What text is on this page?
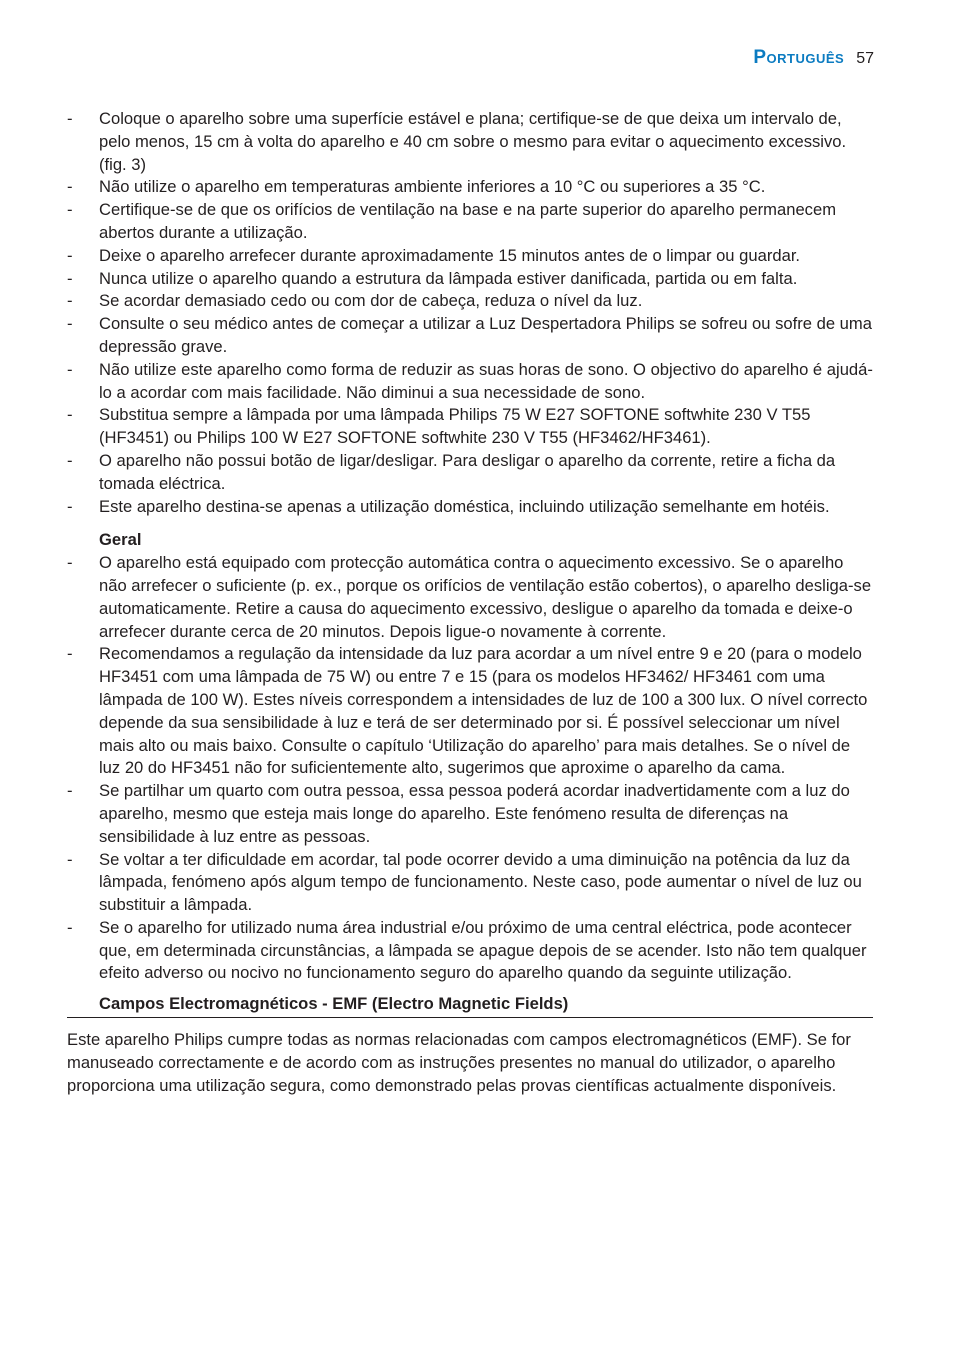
Português 57
- Coloque o aparelho sobre uma superfície estável e plana; certifique-se de que deixa um intervalo de, pelo menos, 15 cm à volta do aparelho e 40 cm sobre o mesmo para evitar o aquecimento excessivo. (fig. 3)
- Não utilize o aparelho em temperaturas ambiente inferiores a 10 °C ou superiores a 35 °C.
- Certifique-se de que os orifícios de ventilação na base e na parte superior do aparelho permanecem abertos durante a utilização.
- Deixe o aparelho arrefecer durante aproximadamente 15 minutos antes de o limpar ou guardar.
- Nunca utilize o aparelho quando a estrutura da lâmpada estiver danificada, partida ou em falta.
- Se acordar demasiado cedo ou com dor de cabeça, reduza o nível da luz.
- Consulte o seu médico antes de começar a utilizar a Luz Despertadora Philips se sofreu ou sofre de uma depressão grave.
- Não utilize este aparelho como forma de reduzir as suas horas de sono. O objectivo do aparelho é ajudá-lo a acordar com mais facilidade. Não diminui a sua necessidade de sono.
- Substitua sempre a lâmpada por uma lâmpada Philips 75 W E27 SOFTONE softwhite 230 V T55 (HF3451) ou Philips 100 W E27 SOFTONE softwhite 230 V T55 (HF3462/HF3461).
- O aparelho não possui botão de ligar/desligar. Para desligar o aparelho da corrente, retire a ficha da tomada eléctrica.
- Este aparelho destina-se apenas a utilização doméstica, incluindo utilização semelhante em hotéis.
Geral
- O aparelho está equipado com protecção automática contra o aquecimento excessivo. Se o aparelho não arrefecer o suficiente (p. ex., porque os orifícios de ventilação estão cobertos), o aparelho desliga-se automaticamente. Retire a causa do aquecimento excessivo, desligue o aparelho da tomada e deixe-o arrefecer durante cerca de 20 minutos. Depois ligue-o novamente à corrente.
- Recomendamos a regulação da intensidade da luz para acordar a um nível entre 9 e 20 (para o modelo HF3451 com uma lâmpada de 75 W) ou entre 7 e 15 (para os modelos HF3462/ HF3461 com uma lâmpada de 100 W). Estes níveis correspondem a intensidades de luz de 100 a 300 lux. O nível correcto depende da sua sensibilidade à luz e terá de ser determinado por si. É possível seleccionar um nível mais alto ou mais baixo. Consulte o capítulo ‘Utilização do aparelho’ para mais detalhes. Se o nível de luz 20 do HF3451 não for suficientemente alto, sugerimos que aproxime o aparelho da cama.
- Se partilhar um quarto com outra pessoa, essa pessoa poderá acordar inadvertidamente com a luz do aparelho, mesmo que esteja mais longe do aparelho. Este fenómeno resulta de diferenças na sensibilidade à luz entre as pessoas.
- Se voltar a ter dificuldade em acordar, tal pode ocorrer devido a uma diminuição na potência da luz da lâmpada, fenómeno após algum tempo de funcionamento. Neste caso, pode aumentar o nível de luz ou substituir a lâmpada.
- Se o aparelho for utilizado numa área industrial e/ou próximo de uma central eléctrica, pode acontecer que, em determinada circunstâncias, a lâmpada se apague depois de se acender. Isto não tem qualquer efeito adverso ou nocivo no funcionamento seguro do aparelho quando da seguinte utilização.
Campos Electromagnéticos - EMF (Electro Magnetic Fields)
Este aparelho Philips cumpre todas as normas relacionadas com campos electromagnéticos (EMF). Se for manuseado correctamente e de acordo com as instruções presentes no manual do utilizador, o aparelho proporciona uma utilização segura, como demonstrado pelas provas científicas actualmente disponíveis.
